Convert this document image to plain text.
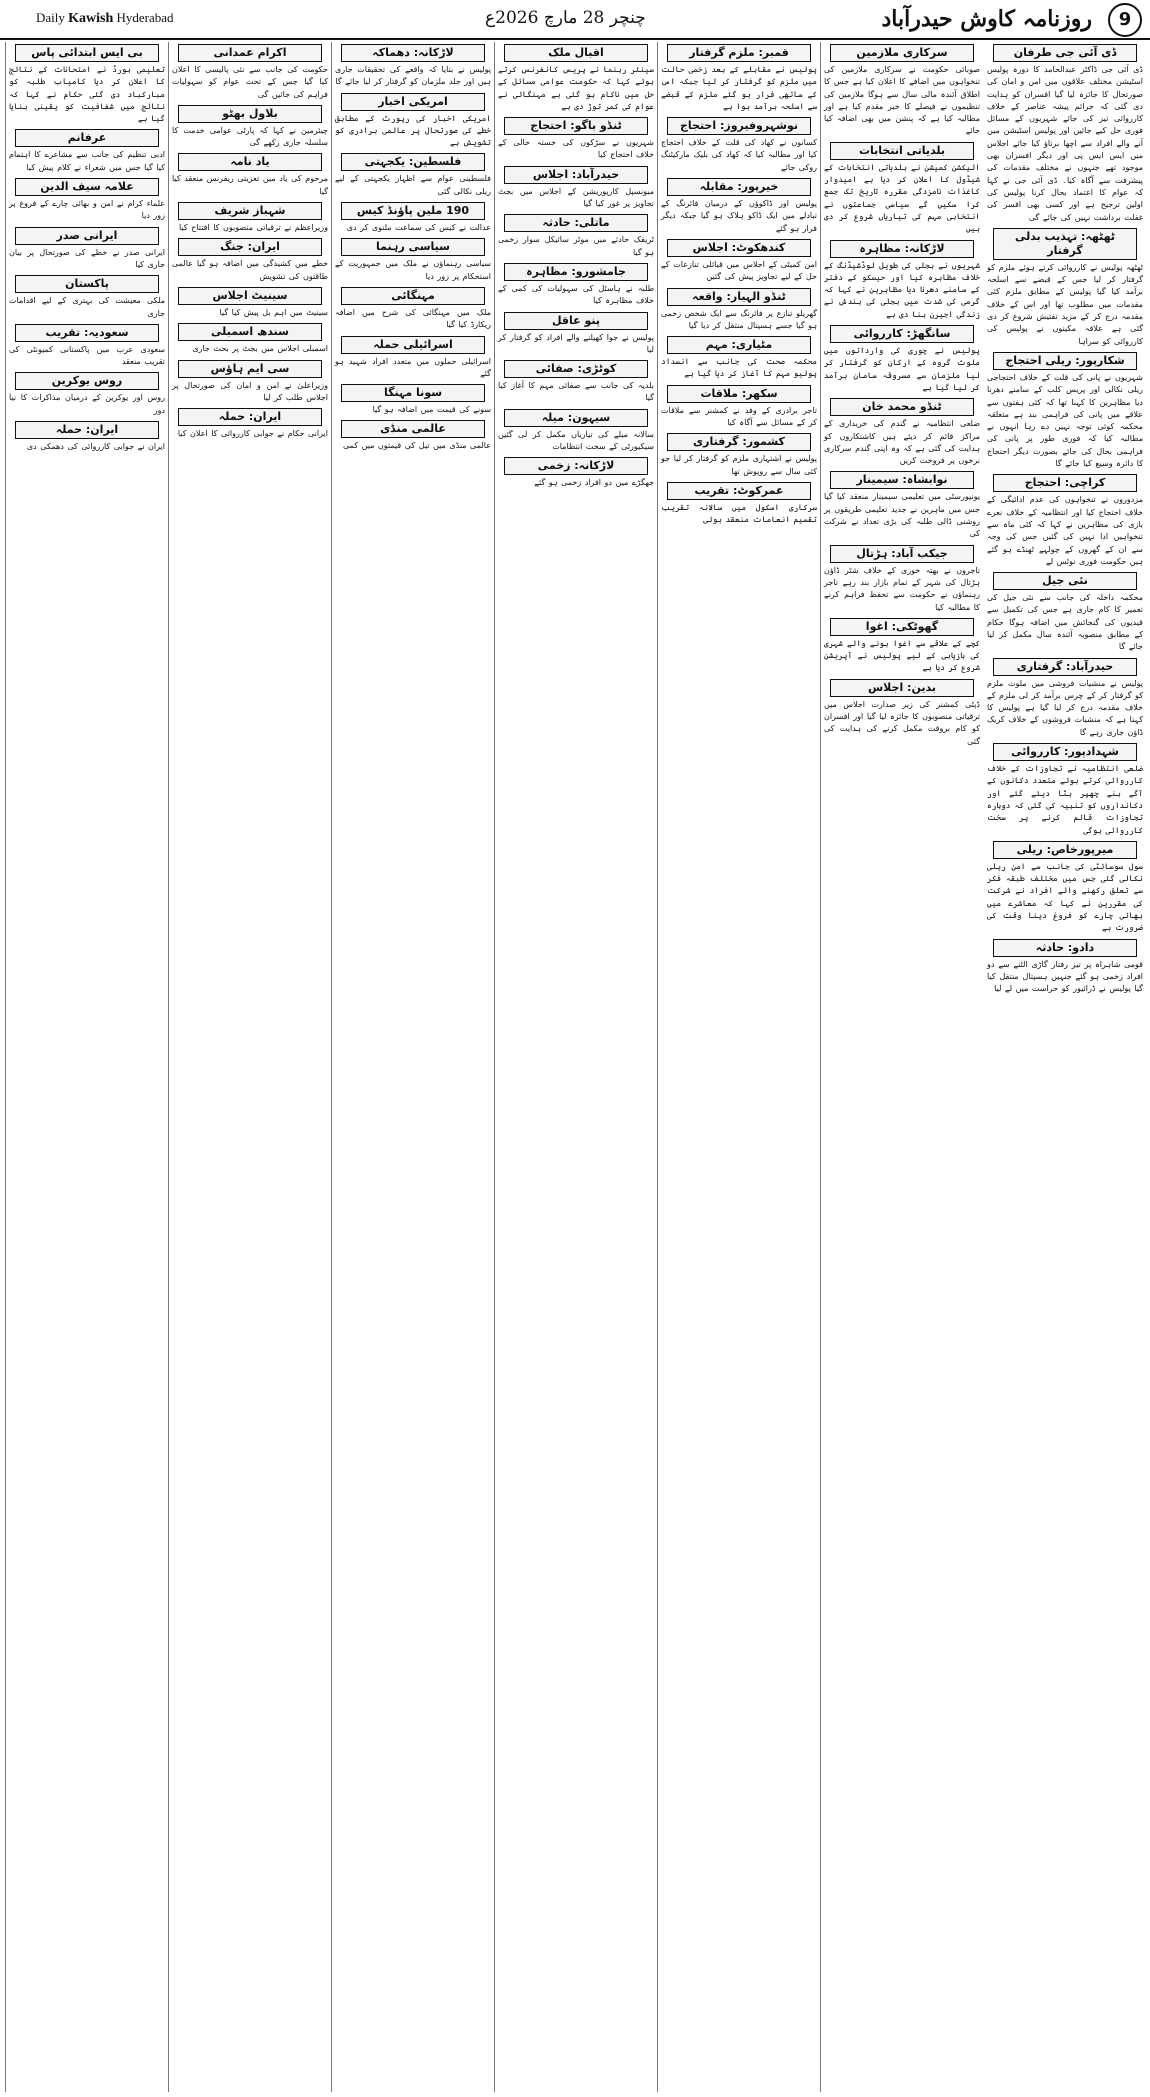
9
روزنامہ کاوش حیدرآباد
چنچر 28 مارچ 2026ع
Daily Kawish Hyderabad
ڈی آئی جی طرفان
ڈی آئی جی ڈاکٹر عبدالحامد کا دورہ پولیس اسٹیشن مختلف علاقوں میں امن و امان کی صورتحال کا جائزہ لیا گیا افسران کو ہدایت دی گئی کہ جرائم پیشہ عناصر کے خلاف کارروائی تیز کی جائے شہریوں کے مسائل فوری حل کیے جائیں اور پولیس اسٹیشن میں آنے والے افراد سے اچھا برتاؤ کیا جائے اجلاس میں ایس ایس پی اور دیگر افسران بھی موجود تھے جنہوں نے مختلف مقدمات کی پیشرفت سے آگاہ کیا۔ ڈی آئی جی نے کہا کہ عوام کا اعتماد بحال کرنا پولیس کی اولین ترجیح ہے اور کسی بھی افسر کی غفلت برداشت نہیں کی جائے گی
ٹھٹھہ: تہذیب بدلی گرفتار
ٹھٹھہ پولیس نے کارروائی کرتے ہوئے ملزم کو گرفتار کر لیا جس کے قبضے سے اسلحہ برآمد کیا گیا پولیس کے مطابق ملزم کئی مقدمات میں مطلوب تھا اور اس کے خلاف مقدمہ درج کر کے مزید تفتیش شروع کر دی گئی ہے علاقہ مکینوں نے پولیس کی کارروائی کو سراہا
شکارپور: ریلی احتجاج
شہریوں نے پانی کی قلت کے خلاف احتجاجی ریلی نکالی اور پریس کلب کے سامنے دھرنا دیا مظاہرین کا کہنا تھا کہ کئی ہفتوں سے علاقے میں پانی کی فراہمی بند ہے متعلقہ محکمہ کوئی توجہ نہیں دے رہا انہوں نے مطالبہ کیا کہ فوری طور پر پانی کی فراہمی بحال کی جائے بصورت دیگر احتجاج کا دائرہ وسیع کیا جائے گا
کراچی: احتجاج
مزدوروں نے تنخواہوں کی عدم ادائیگی کے خلاف احتجاج کیا اور انتظامیہ کے خلاف نعرے بازی کی مظاہرین نے کہا کہ کئی ماہ سے تنخواہیں ادا نہیں کی گئیں جس کی وجہ سے ان کے گھروں کے چولہے ٹھنڈے ہو گئے ہیں حکومت فوری نوٹس لے
نئی جیل
محکمہ داخلہ کی جانب سے نئی جیل کی تعمیر کا کام جاری ہے جس کی تکمیل سے قیدیوں کی گنجائش میں اضافہ ہوگا حکام کے مطابق منصوبہ آئندہ سال مکمل کر لیا جائے گا
حیدرآباد: گرفتاری
پولیس نے منشیات فروشی میں ملوث ملزم کو گرفتار کر کے چرس برآمد کر لی ملزم کے خلاف مقدمہ درج کر لیا گیا ہے پولیس کا کہنا ہے کہ منشیات فروشوں کے خلاف کریک ڈاؤن جاری رہے گا
شہدادپور: کارروائی
ضلعی انتظامیہ نے تجاوزات کے خلاف کارروائی کرتے ہوئے متعدد دکانوں کے آگے بنے چھپر ہٹا دیئے گئے اور دکانداروں کو تنبیہ کی گئی کہ دوبارہ تجاوزات قائم کرنے پر سخت کارروائی ہوگی
میرپورخاص: ریلی
سول سوسائٹی کی جانب سے امن ریلی نکالی گئی جس میں مختلف طبقہ فکر سے تعلق رکھنے والے افراد نے شرکت کی مقررین نے کہا کہ معاشرے میں بھائی چارے کو فروغ دینا وقت کی ضرورت ہے
دادو: حادثہ
قومی شاہراہ پر تیز رفتار گاڑی الٹنے سے دو افراد زخمی ہو گئے جنہیں ہسپتال منتقل کیا گیا پولیس نے ڈرائیور کو حراست میں لے لیا
سرکاری ملازمین
صوبائی حکومت نے سرکاری ملازمین کی تنخواہوں میں اضافے کا اعلان کیا ہے جس کا اطلاق آئندہ مالی سال سے ہوگا ملازمین کی تنظیموں نے فیصلے کا خیر مقدم کیا ہے اور مطالبہ کیا ہے کہ پنشن میں بھی اضافہ کیا جائے
بلدیاتی انتخابات
الیکشن کمیشن نے بلدیاتی انتخابات کے شیڈول کا اعلان کر دیا ہے امیدوار کاغذات نامزدگی مقررہ تاریخ تک جمع کرا سکیں گے سیاسی جماعتوں نے انتخابی مہم کی تیاریاں شروع کر دی ہیں
لاڑکانہ: مظاہرہ
شہریوں نے بجلی کی طویل لوڈشیڈنگ کے خلاف مظاہرہ کیا اور حیسکو کے دفتر کے سامنے دھرنا دیا مظاہرین نے کہا کہ گرمی کی شدت میں بجلی کی بندش نے زندگی اجیرن بنا دی ہے
سانگھڑ: کارروائی
پولیس نے چوری کی وارداتوں میں ملوث گروہ کے ارکان کو گرفتار کر لیا ملزمان سے مسروقہ سامان برآمد کر لیا گیا ہے
ٹنڈو محمد خان
ضلعی انتظامیہ نے گندم کی خریداری کے مراکز قائم کر دیئے ہیں کاشتکاروں کو ہدایت کی گئی ہے کہ وہ اپنی گندم سرکاری نرخوں پر فروخت کریں
نوابشاہ: سیمینار
یونیورسٹی میں تعلیمی سیمینار منعقد کیا گیا جس میں ماہرین نے جدید تعلیمی طریقوں پر روشنی ڈالی طلبہ کی بڑی تعداد نے شرکت کی
جیکب آباد: ہڑتال
تاجروں نے بھتہ خوری کے خلاف شٹر ڈاؤن ہڑتال کی شہر کے تمام بازار بند رہے تاجر رہنماؤں نے حکومت سے تحفظ فراہم کرنے کا مطالبہ کیا
گھوٹکی: اغوا
کچے کے علاقے سے اغوا ہونے والے شہری کی بازیابی کے لیے پولیس نے آپریشن شروع کر دیا ہے
بدین: اجلاس
ڈپٹی کمشنر کی زیر صدارت اجلاس میں ترقیاتی منصوبوں کا جائزہ لیا گیا اور افسران کو کام بروقت مکمل کرنے کی ہدایت کی گئی
قمبر: ملزم گرفتار
پولیس نے مقابلے کے بعد زخمی حالت میں ملزم کو گرفتار کر لیا جبکہ اس کے ساتھی فرار ہو گئے ملزم کے قبضے سے اسلحہ برآمد ہوا ہے
نوشہروفیروز: احتجاج
کسانوں نے کھاد کی قلت کے خلاف احتجاج کیا اور مطالبہ کیا کہ کھاد کی بلیک مارکیٹنگ روکی جائے
خیرپور: مقابلہ
پولیس اور ڈاکوؤں کے درمیان فائرنگ کے تبادلے میں ایک ڈاکو ہلاک ہو گیا جبکہ دیگر فرار ہو گئے
کندھکوٹ: اجلاس
امن کمیٹی کے اجلاس میں قبائلی تنازعات کے حل کے لیے تجاویز پیش کی گئیں
ٹنڈو الہیار: واقعہ
گھریلو تنازع پر فائرنگ سے ایک شخص زخمی ہو گیا جسے ہسپتال منتقل کر دیا گیا
مٹیاری: مہم
محکمہ صحت کی جانب سے انسداد پولیو مہم کا آغاز کر دیا گیا ہے
سکھر: ملاقات
تاجر برادری کے وفد نے کمشنر سے ملاقات کر کے مسائل سے آگاہ کیا
کشمور: گرفتاری
پولیس نے اشتہاری ملزم کو گرفتار کر لیا جو کئی سال سے روپوش تھا
عمرکوٹ: تقریب
سرکاری اسکول میں سالانہ تقریب تقسیم انعامات منعقد ہوئی
اقبال ملک
سینئر رہنما نے پریس کانفرنس کرتے ہوئے کہا کہ حکومت عوامی مسائل کے حل میں ناکام ہو گئی ہے مہنگائی نے عوام کی کمر توڑ دی ہے
ٹنڈو باگو: احتجاج
شہریوں نے سڑکوں کی خستہ حالی کے خلاف احتجاج کیا
حیدرآباد: اجلاس
میونسپل کارپوریشن کے اجلاس میں بجٹ تجاویز پر غور کیا گیا
ماتلی: حادثہ
ٹریفک حادثے میں موٹر سائیکل سوار زخمی ہو گیا
جامشورو: مظاہرہ
طلبہ نے ہاسٹل کی سہولیات کی کمی کے خلاف مظاہرہ کیا
پنو عاقل
پولیس نے جوا کھیلنے والے افراد کو گرفتار کر لیا
کوٹڑی: صفائی
بلدیہ کی جانب سے صفائی مہم کا آغاز کیا گیا
سیہون: میلہ
سالانہ میلے کی تیاریاں مکمل کر لی گئیں سیکیورٹی کے سخت انتظامات
لاڑکانہ: زخمی
جھگڑے میں دو افراد زخمی ہو گئے
لاڑکانہ: دھماکہ
پولیس نے بتایا کہ واقعے کی تحقیقات جاری ہیں اور جلد ملزمان کو گرفتار کر لیا جائے گا
امریکی اخبار
امریکی اخبار کی رپورٹ کے مطابق خطے کی صورتحال پر عالمی برادری کو تشویش ہے
فلسطین: یکجہتی
فلسطینی عوام سے اظہار یکجہتی کے لیے ریلی نکالی گئی
190 ملین پاؤنڈ کیس
عدالت نے کیس کی سماعت ملتوی کر دی
سیاسی رہنما
سیاسی رہنماؤں نے ملک میں جمہوریت کے استحکام پر زور دیا
مہنگائی
ملک میں مہنگائی کی شرح میں اضافہ ریکارڈ کیا گیا
اسرائیلی حملہ
اسرائیلی حملوں میں متعدد افراد شہید ہو گئے
سونا مہنگا
سونے کی قیمت میں اضافہ ہو گیا
عالمی منڈی
عالمی منڈی میں تیل کی قیمتوں میں کمی
اکرام عمدانی
حکومت کی جانب سے نئی پالیسی کا اعلان کیا گیا جس کے تحت عوام کو سہولیات فراہم کی جائیں گی
بلاول بھٹو
چیئرمین نے کہا کہ پارٹی عوامی خدمت کا سلسلہ جاری رکھے گی
یاد نامہ
مرحوم کی یاد میں تعزیتی ریفرنس منعقد کیا گیا
شہباز شریف
وزیراعظم نے ترقیاتی منصوبوں کا افتتاح کیا
ایران: جنگ
خطے میں کشیدگی میں اضافہ ہو گیا عالمی طاقتوں کی تشویش
سینیٹ اجلاس
سینیٹ میں اہم بل پیش کیا گیا
سندھ اسمبلی
اسمبلی اجلاس میں بجٹ پر بحث جاری
سی ایم ہاؤس
وزیراعلیٰ نے امن و امان کی صورتحال پر اجلاس طلب کر لیا
ایران: حملہ
ایرانی حکام نے جوابی کارروائی کا اعلان کیا
بی ایس ابتدائی پاس
تعلیمی بورڈ نے امتحانات کے نتائج کا اعلان کر دیا کامیاب طلبہ کو مبارکباد دی گئی حکام نے کہا کہ نتائج میں شفافیت کو یقینی بنایا گیا ہے
عرفانم
ادبی تنظیم کی جانب سے مشاعرے کا اہتمام کیا گیا جس میں شعراء نے کلام پیش کیا
علامہ سیف الدین
علماء کرام نے امن و بھائی چارے کے فروغ پر زور دیا
ایرانی صدر
ایرانی صدر نے خطے کی صورتحال پر بیان جاری کیا
پاکستان
ملکی معیشت کی بہتری کے لیے اقدامات جاری
سعودیہ: تقریب
سعودی عرب میں پاکستانی کمیونٹی کی تقریب منعقد
روس یوکرین
روس اور یوکرین کے درمیان مذاکرات کا نیا دور
ایران: حملہ
ایران نے جوابی کارروائی کی دھمکی دی
